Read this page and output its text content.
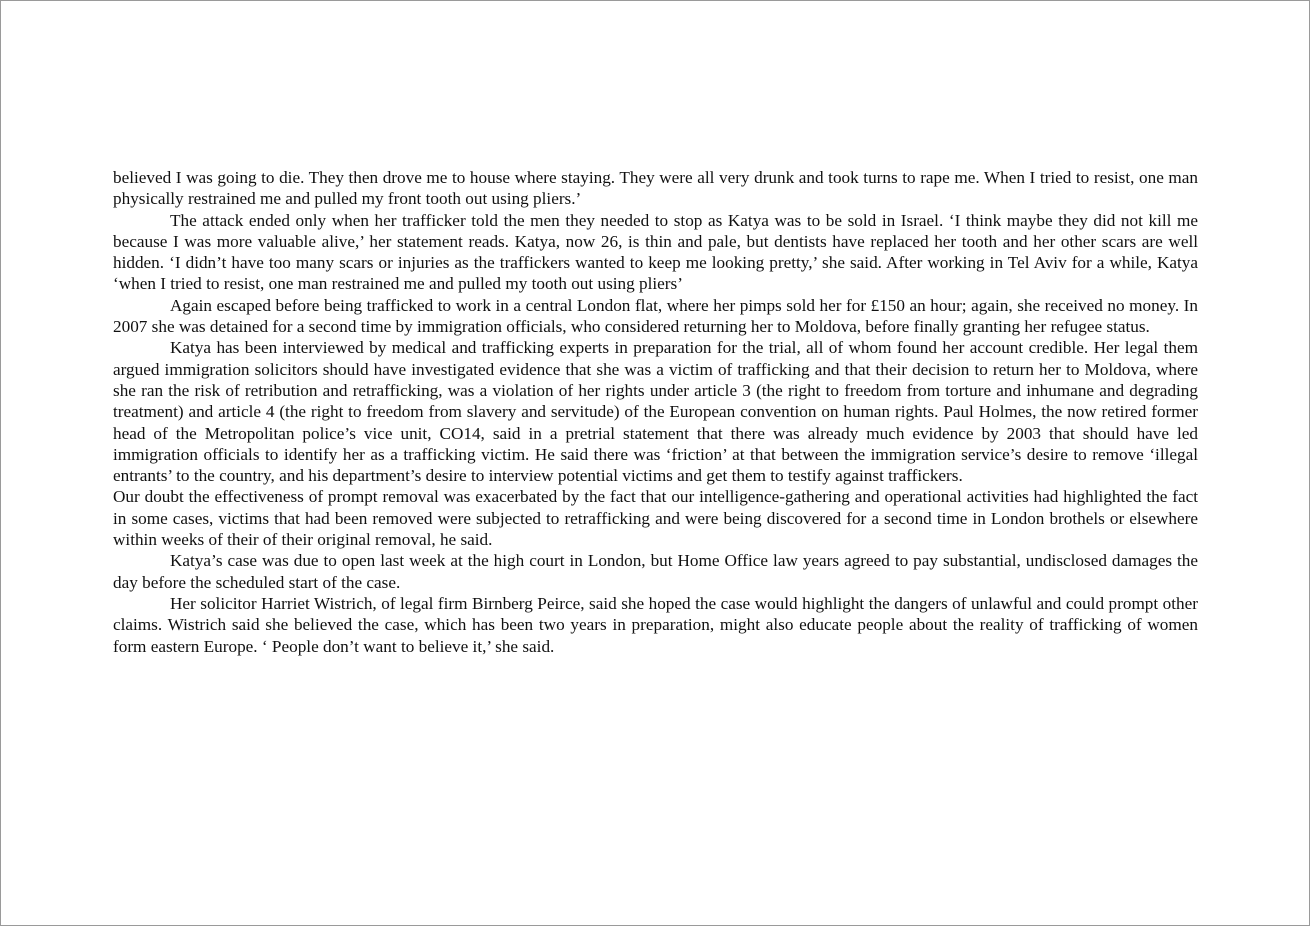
believed I was going to die. They then drove me to house where staying. They were all very drunk and took turns to rape me. When I tried to resist, one man physically restrained me and pulled my front tooth out using pliers.’

The attack ended only when her trafficker told the men they needed to stop as Katya was to be sold in Israel. ‘I think maybe they did not kill me because I was more valuable alive,’ her statement reads. Katya, now 26, is thin and pale, but dentists have replaced her tooth and her other scars are well hidden. ‘I didn’t have too many scars or injuries as the traffickers wanted to keep me looking pretty,’ she said. After working in Tel Aviv for a while, Katya ‘when I tried to resist, one man restrained me and pulled my tooth out using pliers’

Again escaped before being trafficked to work in a central London flat, where her pimps sold her for £150 an hour; again, she received no money. In 2007 she was detained for a second time by immigration officials, who considered returning her to Moldova, before finally granting her refugee status.

Katya has been interviewed by medical and trafficking experts in preparation for the trial, all of whom found her account credible. Her legal them argued immigration solicitors should have investigated evidence that she was a victim of trafficking and that their decision to return her to Moldova, where she ran the risk of retribution and retrafficking, was a violation of her rights under article 3 (the right to freedom from torture and inhumane and degrading treatment) and article 4 (the right to freedom from slavery and servitude) of the European convention on human rights. Paul Holmes, the now retired former head of the Metropolitan police’s vice unit, CO14, said in a pretrial statement that there was already much evidence by 2003 that should have led immigration officials to identify her as a trafficking victim. He said there was ‘friction’ at that between the immigration service’s desire to remove ‘illegal entrants’ to the country, and his department’s desire to interview potential victims and get them to testify against traffickers.

Our doubt the effectiveness of prompt removal was exacerbated by the fact that our intelligence-gathering and operational activities had highlighted the fact in some cases, victims that had been removed were subjected to retrafficking and were being discovered for a second time in London brothels or elsewhere within weeks of their of their original removal, he said.

Katya’s case was due to open last week at the high court in London, but Home Office law years agreed to pay substantial, undisclosed damages the day before the scheduled start of the case.

Her solicitor Harriet Wistrich, of legal firm Birnberg Peirce, said she hoped the case would highlight the dangers of unlawful and could prompt other claims. Wistrich said she believed the case, which has been two years in preparation, might also educate people about the reality of trafficking of women form eastern Europe. ‘ People don’t want to believe it,’ she said.
